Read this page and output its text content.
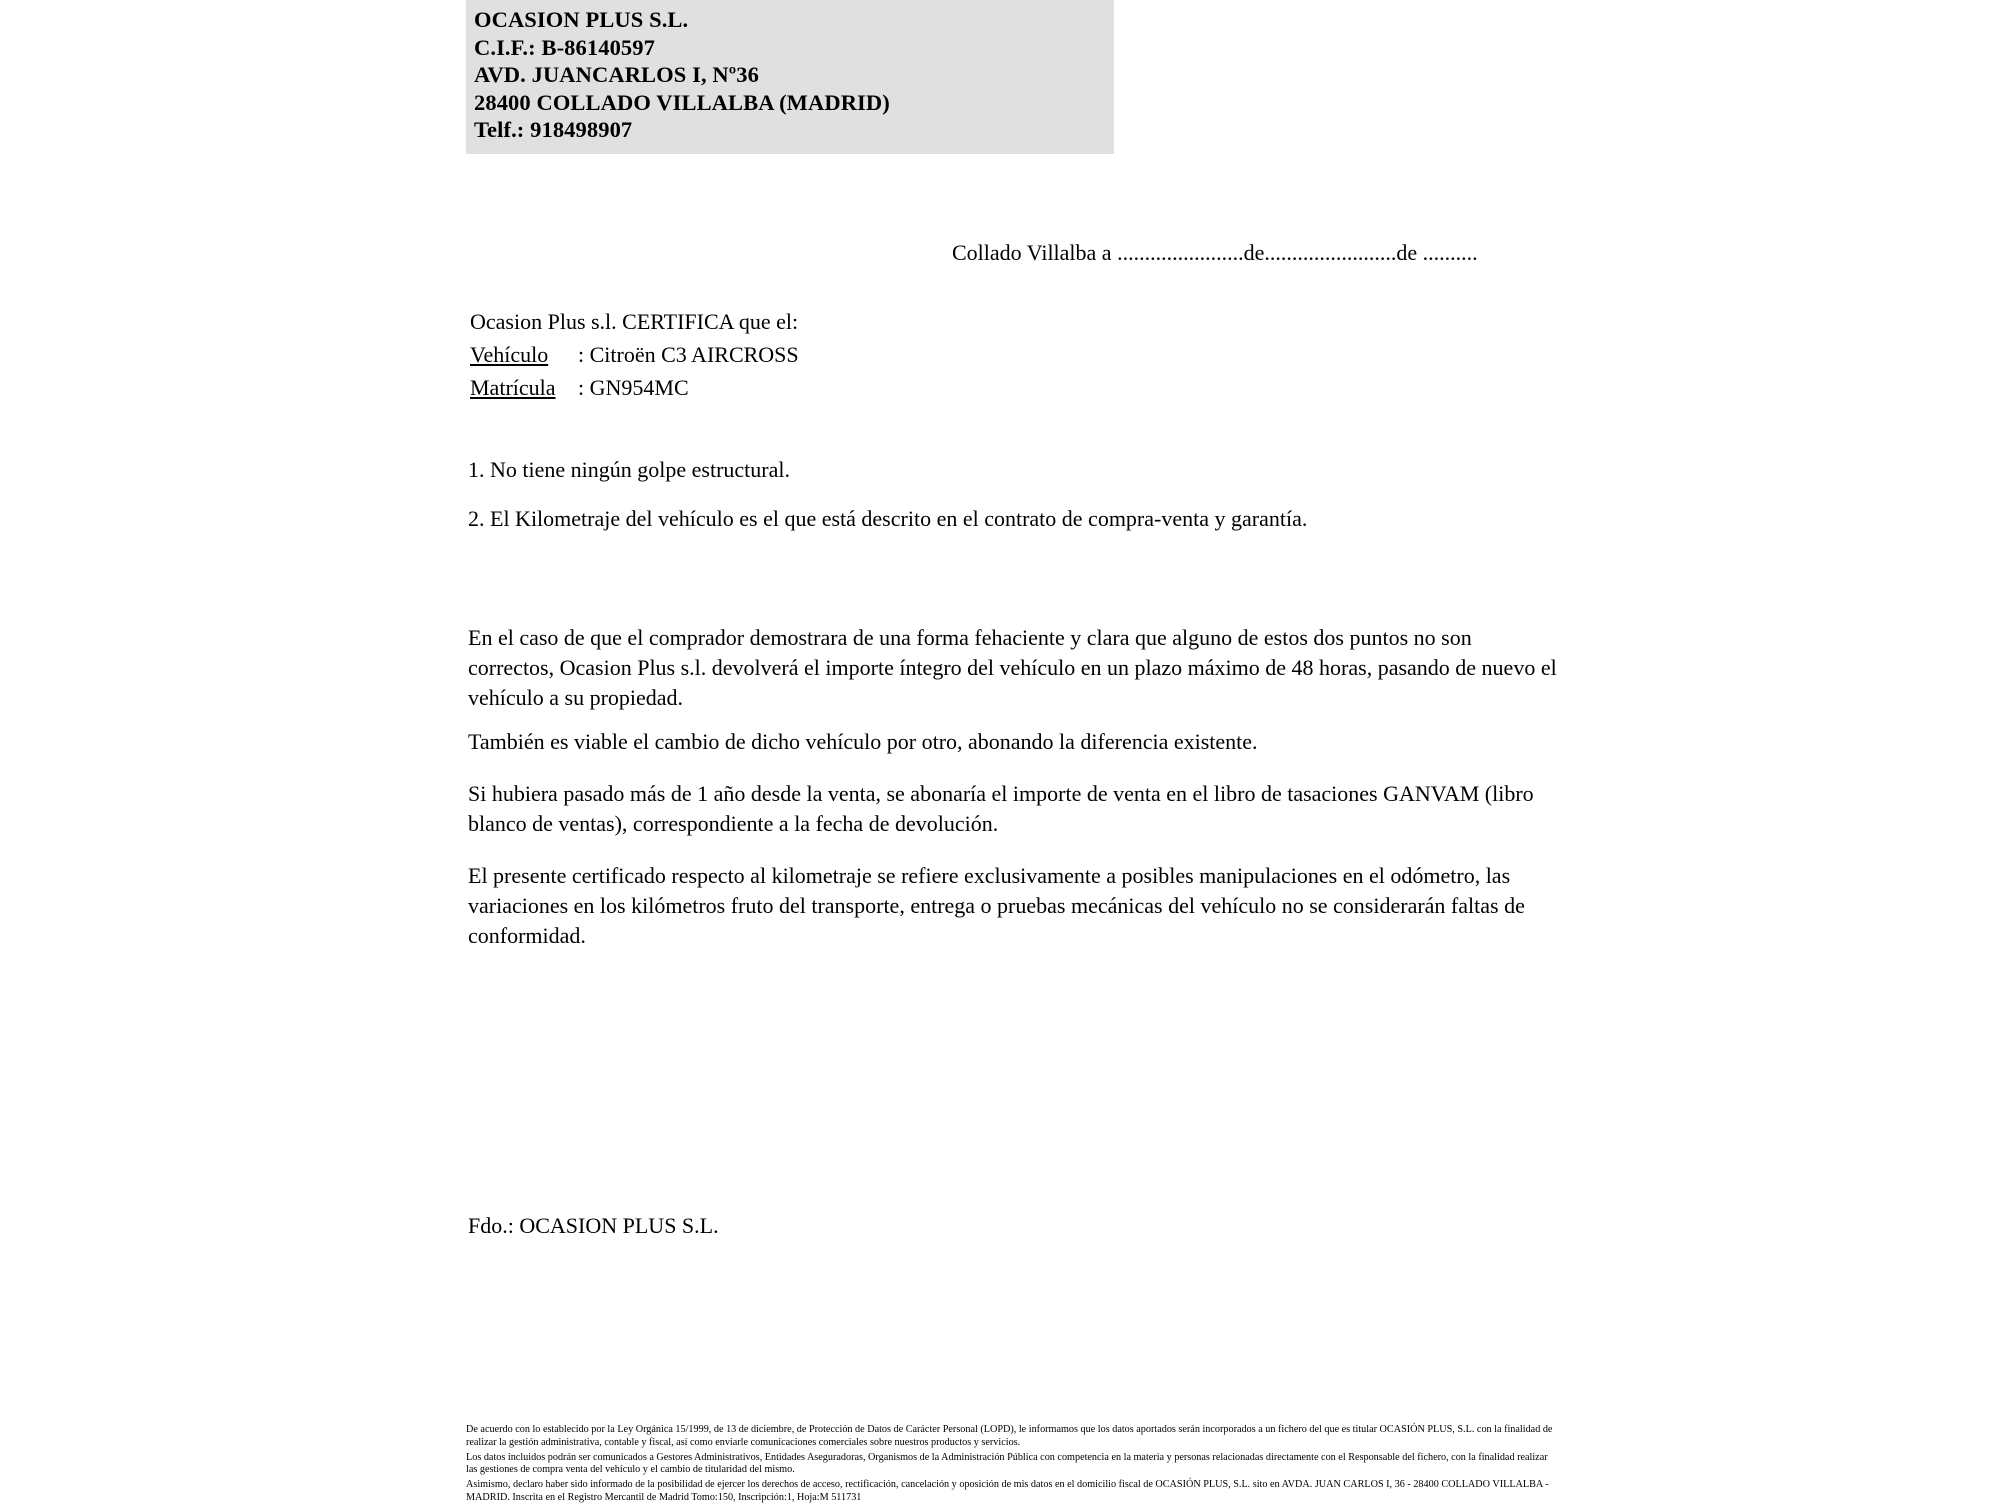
OCASION PLUS S.L.
C.I.F.: B-86140597
AVD. JUANCARLOS I, Nº36
28400 COLLADO VILLALBA (MADRID)
Telf.: 918498907
Collado Villalba a .......................de........................de ..........
Ocasion Plus s.l. CERTIFICA que el:
Vehículo : Citroën C3 AIRCROSS
Matrícula : GN954MC
1. No tiene ningún golpe estructural.
2. El Kilometraje del vehículo es el que está descrito en el contrato de compra-venta y garantía.
En el caso de que el comprador demostrara de una forma fehaciente y clara que alguno de estos dos puntos no son correctos, Ocasion Plus s.l. devolverá el importe íntegro del vehículo en un plazo máximo de 48 horas, pasando de nuevo el vehículo a su propiedad.
También es viable el cambio de dicho vehículo por otro, abonando la diferencia existente.
Si hubiera pasado más de 1 año desde la venta, se abonaría el importe de venta en el libro de tasaciones GANVAM (libro blanco de ventas), correspondiente a la fecha de devolución.
El presente certificado respecto al kilometraje se refiere exclusivamente a posibles manipulaciones en el odómetro, las variaciones en los kilómetros fruto del transporte, entrega o pruebas mecánicas del vehículo no se considerarán faltas de conformidad.
Fdo.: OCASION PLUS S.L.

De acuerdo con lo establecido por la Ley Orgánica 15/1999, de 13 de diciembre, de Protección de Datos de Carácter Personal (LOPD), le informamos que los datos aportados serán incorporados a un fichero del que es titular OCASIÓN PLUS, S.L. con la finalidad de realizar la gestión administrativa, contable y fiscal, así como enviarle comunicaciones comerciales sobre nuestros productos y servicios.

Los datos incluidos podrán ser comunicados a Gestores Administrativos, Entidades Aseguradoras, Organismos de la Administración Pública con competencia en la materia y personas relacionadas directamente con el Responsable del fichero, con la finalidad realizar las gestiones de compra venta del vehículo y el cambio de titularidad del mismo.

Asimismo, declaro haber sido informado de la posibilidad de ejercer los derechos de acceso, rectificación, cancelación y oposición de mis datos en el domicilio fiscal de OCASIÓN PLUS, S.L. sito en AVDA. JUAN CARLOS I, 36 - 28400 COLLADO VILLALBA - MADRID. Inscrita en el Registro Mercantil de Madrid Tomo:150, Inscripción:1, Hoja:M 511731
